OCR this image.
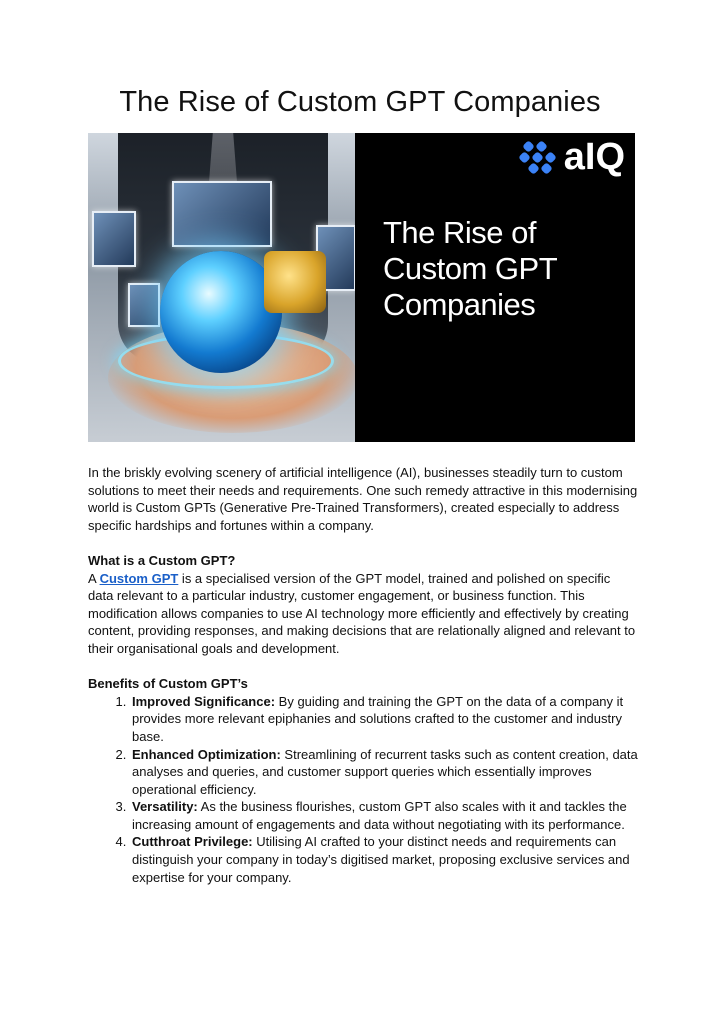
The Rise of Custom GPT Companies
aIQ
The Rise of
Custom GPT
Companies

In the briskly evolving scenery of artificial intelligence (AI), businesses steadily turn to custom solutions to meet their needs and requirements. One such remedy attractive in this modernising world is Custom GPTs (Generative Pre-Trained Transformers), created especially to address specific hardships and fortunes within a company.

What is a Custom GPT?

A Custom GPT is a specialised version of the GPT model, trained and polished on specific data relevant to a particular industry, customer engagement, or business function. This modification allows companies to use AI technology more efficiently and effectively by creating content, providing responses, and making decisions that are relationally aligned and relevant to their organisational goals and development.

Benefits of Custom GPT’s

1. Improved Significance: By guiding and training the GPT on the data of a company it provides more relevant epiphanies and solutions crafted to the customer and industry base.
2. Enhanced Optimization: Streamlining of recurrent tasks such as content creation, data analyses and queries, and customer support queries which essentially improves operational efficiency.
3. Versatility: As the business flourishes, custom GPT also scales with it and tackles the increasing amount of engagements and data without negotiating with its performance.
4. Cutthroat Privilege: Utilising AI crafted to your distinct needs and requirements can distinguish your company in today’s digitised market, proposing exclusive services and expertise for your company.
